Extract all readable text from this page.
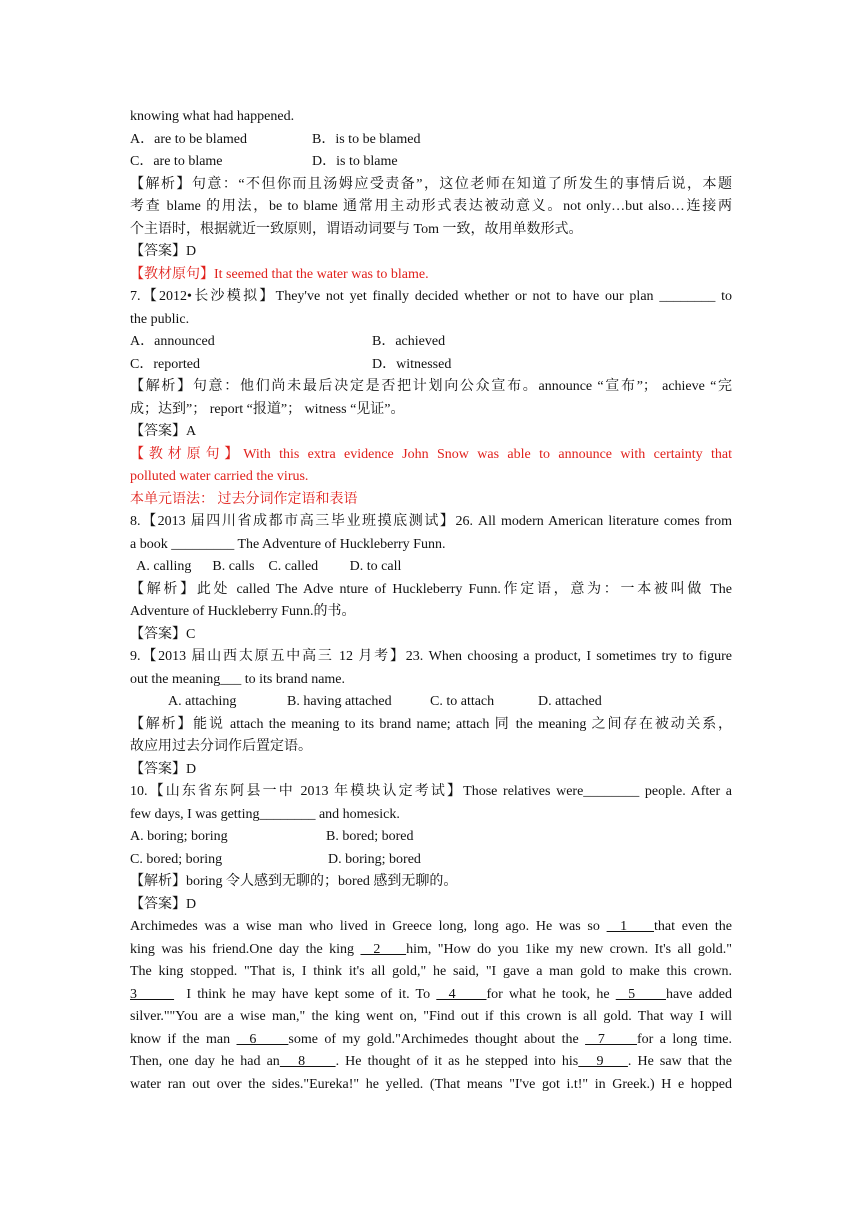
knowing what had happened.
A．are to be blamed	B．is to be blamed
C．are to blame	D．is to blame
【解析】句意：“不但你而且汤姆应受责备”，这位老师在知道了所发生的事情后说，本题
考查 blame 的用法，be to blame 通常用主动形式表达被动意义。not only…but also…连接两
个主语时，根据就近一致原则，谓语动词要与 Tom 一致，故用单数形式。
【答案】D
【教材原句】It seemed that the water was to blame.
7.【2012•长沙模拟】They've not yet finally decided whether or not to have our plan ________ to
the public.
A．announced	B．achieved
C．reported	D．witnessed
【解析】句意：他们尚未最后决定是否把计划向公众宣布。announce “宣布”； achieve “完
成；达到”； report “报道”； witness “见证”。
【答案】A
【教材原句】With this extra evidence John Snow was able to announce with certainty that
polluted water carried the virus.
本单元语法： 过去分词作定语和表语
8.【2013 届四川省成都市高三毕业班摸底测试】26. All modern American literature comes from
a book _________ The Adventure of Huckleberry Funn.
A. calling      B. calls    C. called         D. to call
【解析】此处 called The Adve nture of Huckleberry Funn.作定语，意为：一本被叫做 The
Adventure of Huckleberry Funn.的书。
【答案】C
9.【2013 届山西太原五中高三 12 月考】23. When choosing a product, I sometimes try to figure
out the meaning___ to its brand name.
A. attaching	B. having attached	C. to attach	D. attached
【解析】能说 attach the meaning to its brand name; attach 同 the meaning 之间存在被动关系，
故应用过去分词作后置定语。
【答案】D
10.【山东省东阿县一中 2013 年模块认定考试】Those relatives were________ people. After a
few days, I was getting________ and homesick.
A. boring; boring	B. bored; bored
C. bored; boring	D. boring; bored
【解析】boring 令人感到无聊的；bored 感到无聊的。
【答案】D
Archimedes was a wise man who lived in Greece long, long ago. He was so   1    that even the
king was his friend.One day the king   2    him, "How do you 1ike my new crown. It's all gold."
The king stopped. "That is, I think it's all gold," he said, "I gave a man gold to make this crown.
3        I think he may have kept some of it. To   4     for what he took, he   5     have added
silver.""You are a wise man," the king went on, "Find out if this crown is all gold. That way I will
know if the man   6     some of my gold."Archimedes thought about the   7     for a long time.
Then, one day he had an   8     . He thought of it as he stepped into his   9    . He saw that the
water ran out over the sides."Eureka!" he yelled. (That means "I've got i.t!" in Greek.) H e hopped
